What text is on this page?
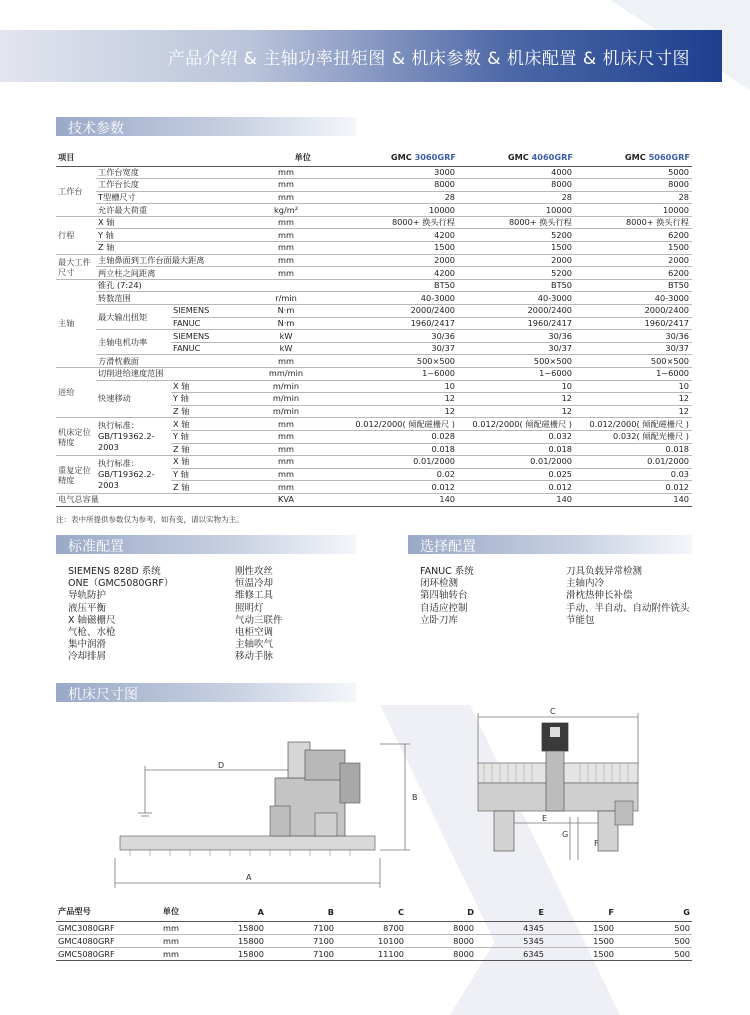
产品介绍 & 主轴功率扭矩图 & 机床参数 & 机床配置 & 机床尺寸图
技术参数
项目			单位	GMC 3060GRF	GMC 4060GRF	GMC 5060GRF
工作台	工作台宽度		mm	3000	4000	5000
	工作台长度		mm	8000	8000	8000
	T型槽尺寸		mm	28	28	28
	允许最大荷重		kg/m²	10000	10000	10000
行程	X 轴		mm	8000+ 换头行程	8000+ 换头行程	8000+ 换头行程
	Y 轴		mm	4200	5200	6200
	Z 轴		mm	1500	1500	1500
最大工件尺寸	主轴鼻面到工作台面最大距离		mm	2000	2000	2000
	两立柱之间距离		mm	4200	5200	6200
主轴	锥孔 (7:24)			BT50	BT50	BT50
	转数范围		r/min	40-3000	40-3000	40-3000
	最大输出扭矩	SIEMENS	N·m	2000/2400	2000/2400	2000/2400
		FANUC	N·m	1960/2417	1960/2417	1960/2417
	主轴电机功率	SIEMENS	kW	30/36	30/36	30/36
		FANUC	kW	30/37	30/37	30/37
	方滑枕截面		mm	500×500	500×500	500×500
进给	切削进给速度范围		mm/min	1~6000	1~6000	1~6000
	快速移动	X 轴	m/min	10	10	10
		Y 轴	m/min	12	12	12
		Z 轴	m/min	12	12	12
机床定位精度	执行标准：GB/T19362.2-2003	X 轴	mm	0.012/2000( 倾配磁栅尺 )	0.012/2000( 倾配磁栅尺 )	0.012/2000( 倾配磁栅尺 )
		Y 轴	mm	0.028	0.032	0.032( 倾配光栅尺 )
		Z 轴	mm	0.018	0.018	0.018
重复定位精度	执行标准：GB/T19362.2-2003	X 轴	mm	0.01/2000	0.01/2000	0.01/2000
		Y 轴	mm	0.02	0.025	0.03
		Z 轴	mm	0.012	0.012	0.012
电气总容量			KVA	140	140	140
注：表中所提供参数仅为参考，如有变，请以实物为主。
标准配置
SIEMENS 828D 系统
ONE（GMC5080GRF）
导轨防护
液压平衡
X 轴磁栅尺
气枪、水枪
集中润滑
冷却排屑
刚性攻丝
恒温冷却
维修工具
照明灯
气动三联件
电柜空调
主轴吹气
移动手脉
选择配置
FANUC 系统
闭环检测
第四轴转台
自适应控制
立卧刀库
刀具负载异常检测
主轴内冷
滑枕热伸长补偿
手动、半自动、自动附件铣头
节能包
机床尺寸图
D
B
A
C
E
F
G
产品型号	单位	A	B	C	D	E	F	G
GMC3080GRF	mm	15800	7100	8700	8000	4345	1500	500
GMC4080GRF	mm	15800	7100	10100	8000	5345	1500	500
GMC5080GRF	mm	15800	7100	11100	8000	6345	1500	500
